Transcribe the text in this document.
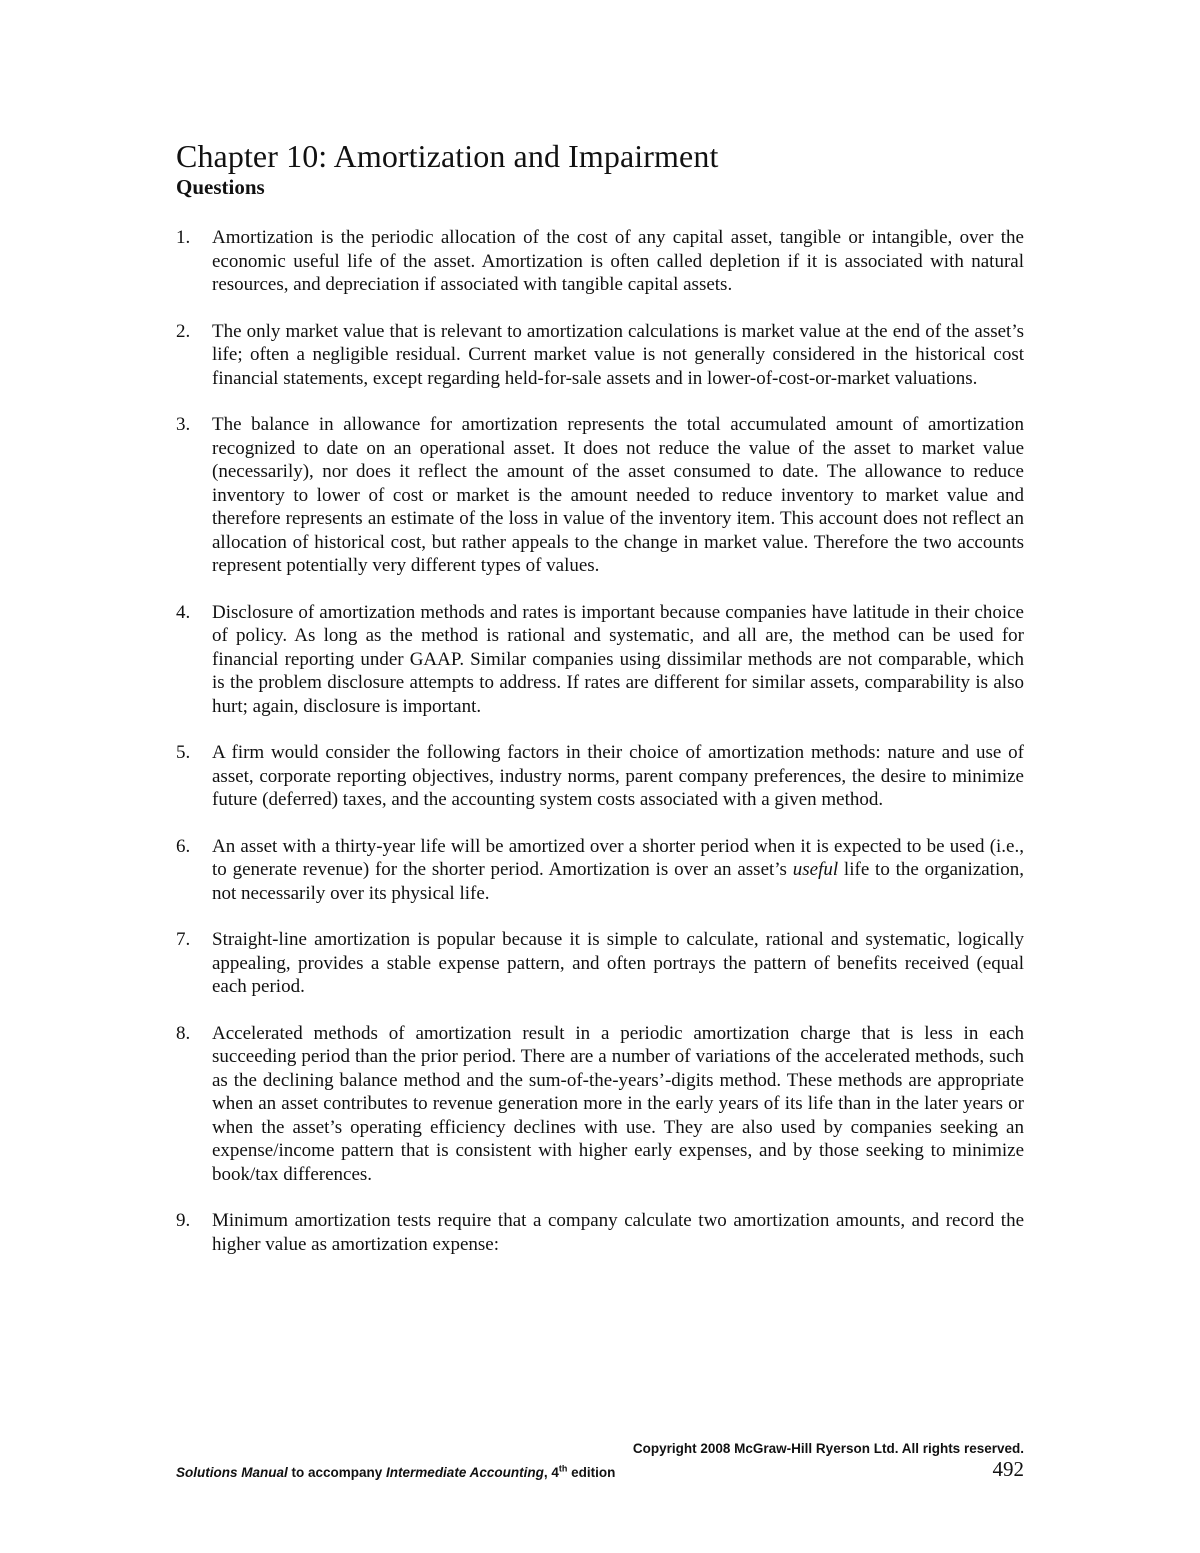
Chapter 10: Amortization and Impairment
Questions
1. Amortization is the periodic allocation of the cost of any capital asset, tangible or intangible, over the economic useful life of the asset. Amortization is often called depletion if it is associated with natural resources, and depreciation if associated with tangible capital assets.

2. The only market value that is relevant to amortization calculations is market value at the end of the asset’s life; often a negligible residual. Current market value is not generally considered in the historical cost financial statements, except regarding held-for-sale assets and in lower-of-cost-or-market valuations.

3. The balance in allowance for amortization represents the total accumulated amount of amortization recognized to date on an operational asset. It does not reduce the value of the asset to market value (necessarily), nor does it reflect the amount of the asset consumed to date. The allowance to reduce inventory to lower of cost or market is the amount needed to reduce inventory to market value and therefore represents an estimate of the loss in value of the inventory item. This account does not reflect an allocation of historical cost, but rather appeals to the change in market value. Therefore the two accounts represent potentially very different types of values.

4. Disclosure of amortization methods and rates is important because companies have latitude in their choice of policy. As long as the method is rational and systematic, and all are, the method can be used for financial reporting under GAAP. Similar companies using dissimilar methods are not comparable, which is the problem disclosure attempts to address. If rates are different for similar assets, comparability is also hurt; again, disclosure is important.

5. A firm would consider the following factors in their choice of amortization methods: nature and use of asset, corporate reporting objectives, industry norms, parent company preferences, the desire to minimize future (deferred) taxes, and the accounting system costs associated with a given method.

6. An asset with a thirty-year life will be amortized over a shorter period when it is expected to be used (i.e., to generate revenue) for the shorter period. Amortization is over an asset’s useful life to the organization, not necessarily over its physical life.

7. Straight-line amortization is popular because it is simple to calculate, rational and systematic, logically appealing, provides a stable expense pattern, and often portrays the pattern of benefits received (equal each period.

8. Accelerated methods of amortization result in a periodic amortization charge that is less in each succeeding period than the prior period. There are a number of variations of the accelerated methods, such as the declining balance method and the sum-of-the-years’-digits method. These methods are appropriate when an asset contributes to revenue generation more in the early years of its life than in the later years or when the asset’s operating efficiency declines with use. They are also used by companies seeking an expense/income pattern that is consistent with higher early expenses, and by those seeking to minimize book/tax differences.

9. Minimum amortization tests require that a company calculate two amortization amounts, and record the higher value as amortization expense:

Copyright 2008 McGraw-Hill Ryerson Ltd. All rights reserved.
Solutions Manual to accompany Intermediate Accounting, 4th edition	492
